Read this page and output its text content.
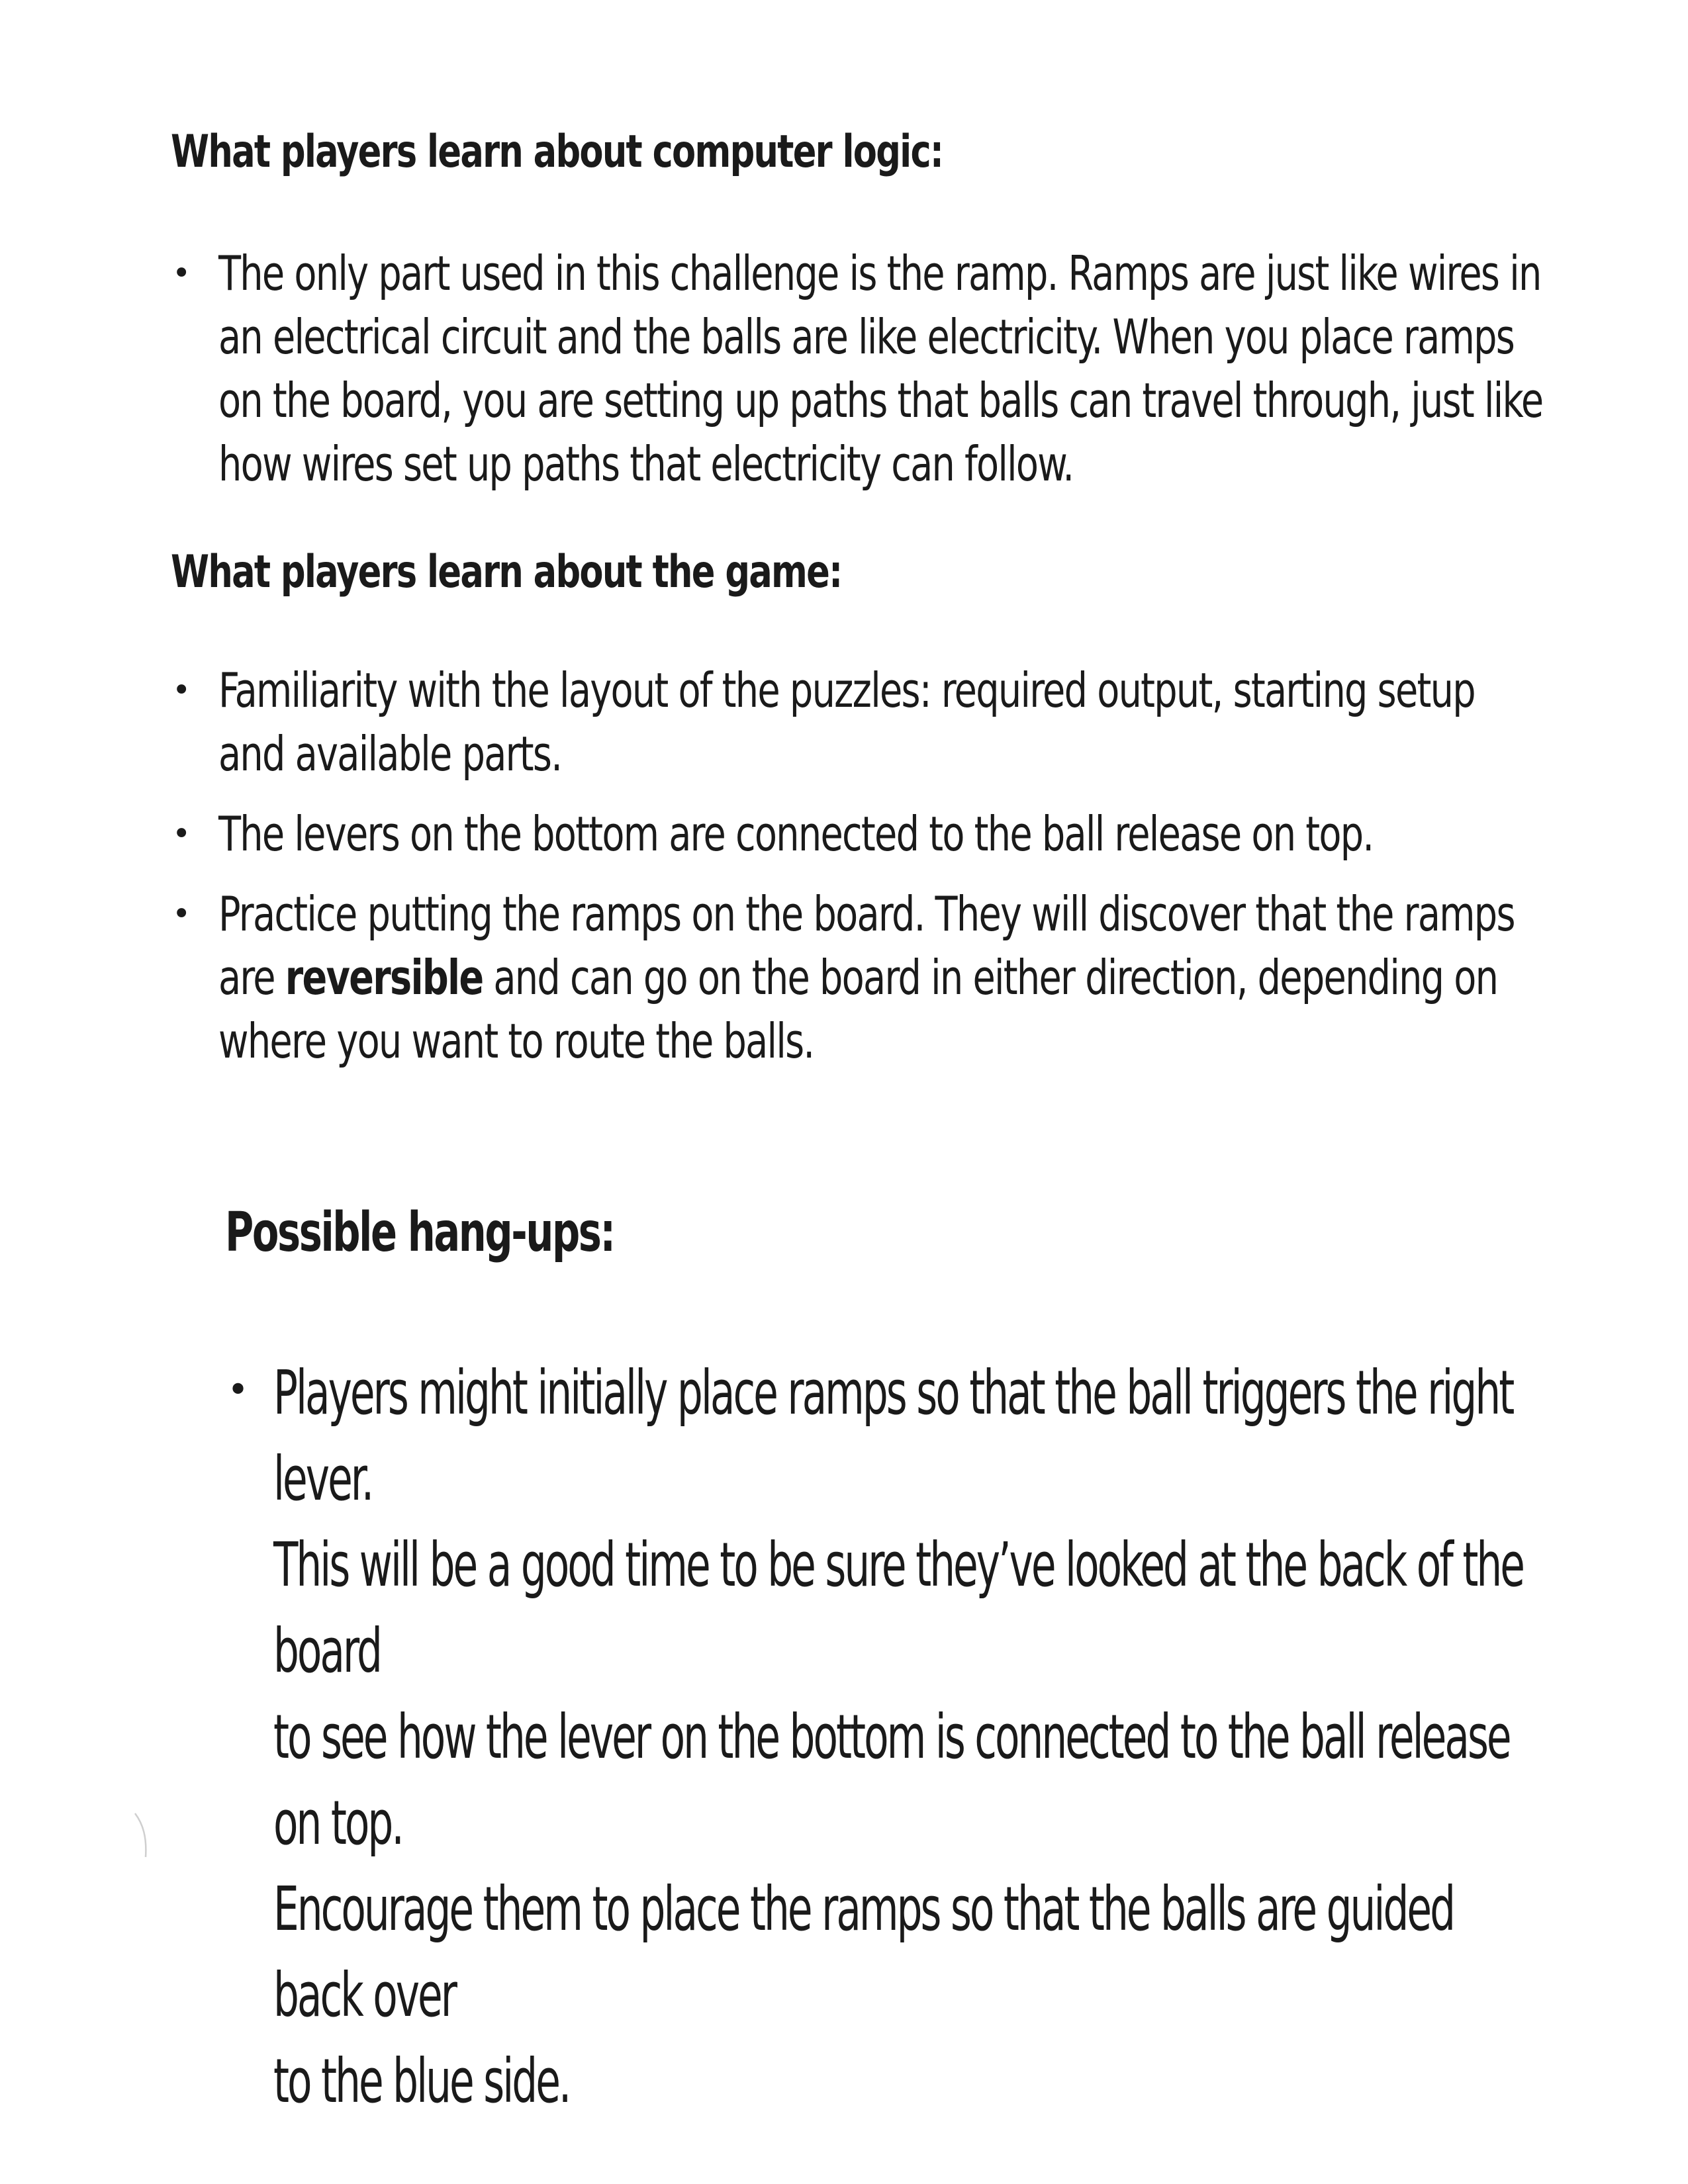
What players learn about computer logic:
• The only part used in this challenge is the ramp. Ramps are just like wires in
an electrical circuit and the balls are like electricity. When you place ramps
on the board, you are setting up paths that balls can travel through, just like
how wires set up paths that electricity can follow.
What players learn about the game:
• Familiarity with the layout of the puzzles: required output, starting setup
and available parts.
• The levers on the bottom are connected to the ball release on top.
• Practice putting the ramps on the board. They will discover that the ramps
are reversible and can go on the board in either direction, depending on
where you want to route the balls.
Possible hang-ups:
• Players might initially place ramps so that the ball triggers the right lever.
This will be a good time to be sure they’ve looked at the back of the board
to see how the lever on the bottom is connected to the ball release on top.
Encourage them to place the ramps so that the balls are guided back over
to the blue side.
